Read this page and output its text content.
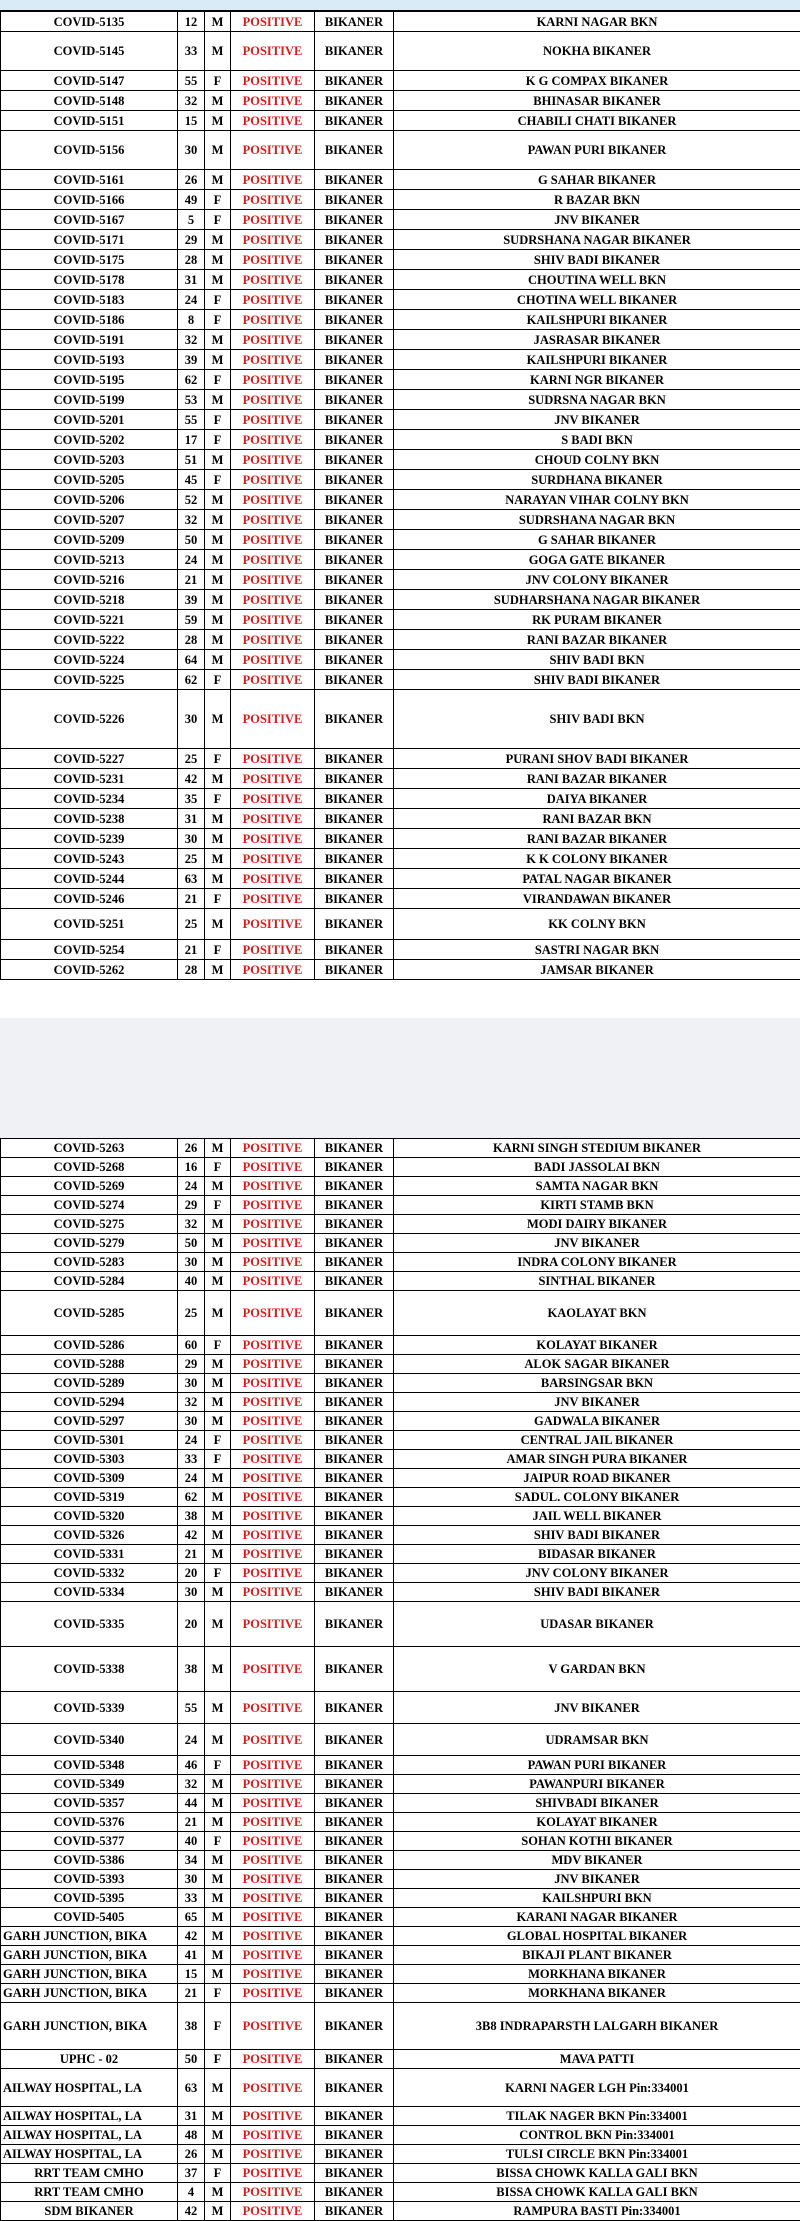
COVID-5135	12	M	POSITIVE	BIKANER	KARNI NAGAR BKN
COVID-5145	33	M	POSITIVE	BIKANER	NOKHA BIKANER
COVID-5147	55	F	POSITIVE	BIKANER	K G COMPAX BIKANER
COVID-5148	32	M	POSITIVE	BIKANER	BHINASAR BIKANER
COVID-5151	15	M	POSITIVE	BIKANER	CHABILI CHATI BIKANER
COVID-5156	30	M	POSITIVE	BIKANER	PAWAN PURI BIKANER
COVID-5161	26	M	POSITIVE	BIKANER	G SAHAR BIKANER
COVID-5166	49	F	POSITIVE	BIKANER	R BAZAR BKN
COVID-5167	5	F	POSITIVE	BIKANER	JNV BIKANER
COVID-5171	29	M	POSITIVE	BIKANER	SUDRSHANA NAGAR BIKANER
COVID-5175	28	M	POSITIVE	BIKANER	SHIV BADI BIKANER
COVID-5178	31	M	POSITIVE	BIKANER	CHOUTINA WELL BKN
COVID-5183	24	F	POSITIVE	BIKANER	CHOTINA WELL BIKANER
COVID-5186	8	F	POSITIVE	BIKANER	KAILSHPURI BIKANER
COVID-5191	32	M	POSITIVE	BIKANER	JASRASAR BIKANER
COVID-5193	39	M	POSITIVE	BIKANER	KAILSHPURI BIKANER
COVID-5195	62	F	POSITIVE	BIKANER	KARNI NGR BIKANER
COVID-5199	53	M	POSITIVE	BIKANER	SUDRSNA NAGAR BKN
COVID-5201	55	F	POSITIVE	BIKANER	JNV BIKANER
COVID-5202	17	F	POSITIVE	BIKANER	S BADI BKN
COVID-5203	51	M	POSITIVE	BIKANER	CHOUD COLNY BKN
COVID-5205	45	F	POSITIVE	BIKANER	SURDHANA BIKANER
COVID-5206	52	M	POSITIVE	BIKANER	NARAYAN VIHAR COLNY BKN
COVID-5207	32	M	POSITIVE	BIKANER	SUDRSHANA NAGAR BKN
COVID-5209	50	M	POSITIVE	BIKANER	G SAHAR BIKANER
COVID-5213	24	M	POSITIVE	BIKANER	GOGA GATE BIKANER
COVID-5216	21	M	POSITIVE	BIKANER	JNV COLONY BIKANER
COVID-5218	39	M	POSITIVE	BIKANER	SUDHARSHANA NAGAR BIKANER
COVID-5221	59	M	POSITIVE	BIKANER	RK PURAM BIKANER
COVID-5222	28	M	POSITIVE	BIKANER	RANI BAZAR BIKANER
COVID-5224	64	M	POSITIVE	BIKANER	SHIV BADI BKN
COVID-5225	62	F	POSITIVE	BIKANER	SHIV BADI BIKANER
COVID-5226	30	M	POSITIVE	BIKANER	SHIV BADI BKN
COVID-5227	25	F	POSITIVE	BIKANER	PURANI SHOV BADI BIKANER
COVID-5231	42	M	POSITIVE	BIKANER	RANI BAZAR BIKANER
COVID-5234	35	F	POSITIVE	BIKANER	DAIYA BIKANER
COVID-5238	31	M	POSITIVE	BIKANER	RANI BAZAR BKN
COVID-5239	30	M	POSITIVE	BIKANER	RANI BAZAR BIKANER
COVID-5243	25	M	POSITIVE	BIKANER	K K COLONY BIKANER
COVID-5244	63	M	POSITIVE	BIKANER	PATAL NAGAR BIKANER
COVID-5246	21	F	POSITIVE	BIKANER	VIRANDAWAN BIKANER
COVID-5251	25	M	POSITIVE	BIKANER	KK COLNY BKN
COVID-5254	21	F	POSITIVE	BIKANER	SASTRI NAGAR BKN
COVID-5262	28	M	POSITIVE	BIKANER	JAMSAR BIKANER
COVID-5263	26	M	POSITIVE	BIKANER	KARNI SINGH STEDIUM BIKANER
COVID-5268	16	F	POSITIVE	BIKANER	BADI JASSOLAI BKN
COVID-5269	24	M	POSITIVE	BIKANER	SAMTA NAGAR BKN
COVID-5274	29	F	POSITIVE	BIKANER	KIRTI STAMB BKN
COVID-5275	32	M	POSITIVE	BIKANER	MODI DAIRY BIKANER
COVID-5279	50	M	POSITIVE	BIKANER	JNV BIKANER
COVID-5283	30	M	POSITIVE	BIKANER	INDRA COLONY BIKANER
COVID-5284	40	M	POSITIVE	BIKANER	SINTHAL BIKANER
COVID-5285	25	M	POSITIVE	BIKANER	KAOLAYAT BKN
COVID-5286	60	F	POSITIVE	BIKANER	KOLAYAT BIKANER
COVID-5288	29	M	POSITIVE	BIKANER	ALOK SAGAR BIKANER
COVID-5289	30	M	POSITIVE	BIKANER	BARSINGSAR BKN
COVID-5294	32	M	POSITIVE	BIKANER	JNV BIKANER
COVID-5297	30	M	POSITIVE	BIKANER	GADWALA BIKANER
COVID-5301	24	F	POSITIVE	BIKANER	CENTRAL JAIL BIKANER
COVID-5303	33	F	POSITIVE	BIKANER	AMAR SINGH PURA BIKANER
COVID-5309	24	M	POSITIVE	BIKANER	JAIPUR ROAD BIKANER
COVID-5319	62	M	POSITIVE	BIKANER	SADUL. COLONY BIKANER
COVID-5320	38	M	POSITIVE	BIKANER	JAIL WELL BIKANER
COVID-5326	42	M	POSITIVE	BIKANER	SHIV BADI BIKANER
COVID-5331	21	M	POSITIVE	BIKANER	BIDASAR BIKANER
COVID-5332	20	F	POSITIVE	BIKANER	JNV COLONY BIKANER
COVID-5334	30	M	POSITIVE	BIKANER	SHIV BADI BIKANER
COVID-5335	20	M	POSITIVE	BIKANER	UDASAR BIKANER
COVID-5338	38	M	POSITIVE	BIKANER	V GARDAN BKN
COVID-5339	55	M	POSITIVE	BIKANER	JNV BIKANER
COVID-5340	24	M	POSITIVE	BIKANER	UDRAMSAR BKN
COVID-5348	46	F	POSITIVE	BIKANER	PAWAN PURI BIKANER
COVID-5349	32	M	POSITIVE	BIKANER	PAWANPURI BIKANER
COVID-5357	44	M	POSITIVE	BIKANER	SHIVBADI BIKANER
COVID-5376	21	M	POSITIVE	BIKANER	KOLAYAT BIKANER
COVID-5377	40	F	POSITIVE	BIKANER	SOHAN KOTHI BIKANER
COVID-5386	34	M	POSITIVE	BIKANER	MDV BIKANER
COVID-5393	30	M	POSITIVE	BIKANER	JNV BIKANER
COVID-5395	33	M	POSITIVE	BIKANER	KAILSHPURI BKN
COVID-5405	65	M	POSITIVE	BIKANER	KARANI NAGAR BIKANER
GARH JUNCTION, BIKA	42	M	POSITIVE	BIKANER	GLOBAL HOSPITAL BIKANER
GARH JUNCTION, BIKA	41	M	POSITIVE	BIKANER	BIKAJI PLANT BIKANER
GARH JUNCTION, BIKA	15	M	POSITIVE	BIKANER	MORKHANA BIKANER
GARH JUNCTION, BIKA	21	F	POSITIVE	BIKANER	MORKHANA BIKANER
GARH JUNCTION, BIKA	38	F	POSITIVE	BIKANER	3B8 INDRAPARSTH LALGARH BIKANER
UPHC - 02	50	F	POSITIVE	BIKANER	MAVA PATTI
AILWAY HOSPITAL, LA	63	M	POSITIVE	BIKANER	KARNI NAGER LGH Pin:334001
AILWAY HOSPITAL, LA	31	M	POSITIVE	BIKANER	TILAK NAGER BKN Pin:334001
AILWAY HOSPITAL, LA	48	M	POSITIVE	BIKANER	CONTROL BKN Pin:334001
AILWAY HOSPITAL, LA	26	M	POSITIVE	BIKANER	TULSI CIRCLE BKN Pin:334001
RRT TEAM CMHO	37	F	POSITIVE	BIKANER	BISSA CHOWK KALLA GALI BKN
RRT TEAM CMHO	4	M	POSITIVE	BIKANER	BISSA CHOWK KALLA GALI BKN
SDM BIKANER	42	M	POSITIVE	BIKANER	RAMPURA BASTI Pin:334001
